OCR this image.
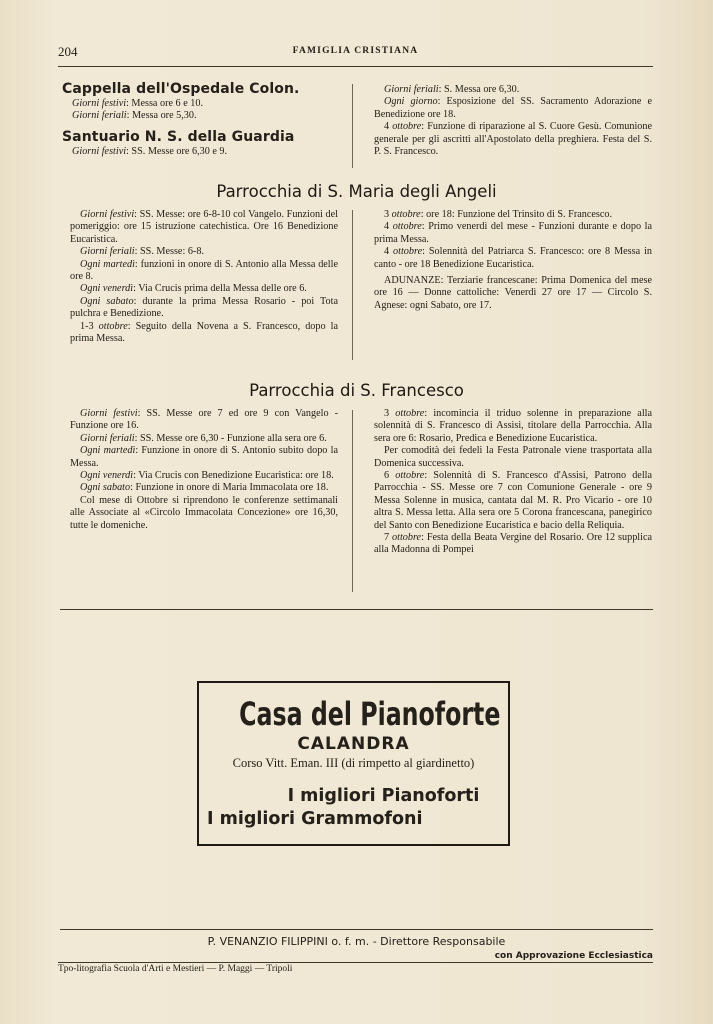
204	FAMIGLIA CRISTIANA

Cappella dell'Ospedale Colon.

Giorni festivi: Messa ore 6 e 10.

Giorni feriali: Messa ore 5,30.

Santuario N. S. della Guardia

Giorni festivi: SS. Messe ore 6,30 e 9.

Giorni feriali: S. Messa ore 6,30.

Ogni giorno: Esposizione del SS. Sacramento Adorazione e Benedizione ore 18.

4 ottobre: Funzione di riparazione al S. Cuore Gesù. Comunione generale per gli ascritti all'Apostolato della preghiera. Festa del S. P. S. Francesco.

Parrocchia di S. Maria degli Angeli

Giorni festivi: SS. Messe: ore 6-8-10 col Vangelo. Funzioni del pomeriggio: ore 15 istruzione catechistica. Ore 16 Benedizione Eucaristica.

Giorni feriali: SS. Messe: 6-8.

Ogni martedì: funzioni in onore di S. Antonio alla Messa delle ore 8.

Ogni venerdì: Via Crucis prima della Messa delle ore 6.

Ogni sabato: durante la prima Messa Rosario - poi Tota pulchra e Benedizione.

1-3 ottobre: Seguito della Novena a S. Francesco, dopo la prima Messa.

3 ottobre: ore 18: Funzione del Trinsito di S. Francesco.

4 ottobre: Primo venerdì del mese - Funzioni durante e dopo la prima Messa.

4 ottobre: Solennità del Patriarca S. Francesco: ore 8 Messa in canto - ore 18 Benedizione Eucaristica.

ADUNANZE: Terziarie francescane: Prima Domenica del mese ore 16 — Donne cattoliche: Venerdì 27 ore 17 — Circolo S. Agnese: ogni Sabato, ore 17.

Parrocchia di S. Francesco

Giorni festivi: SS. Messe ore 7 ed ore 9 con Vangelo - Funzione ore 16.

Giorni feriali: SS. Messe ore 6,30 - Funzione alla sera ore 6.

Ogni martedì: Funzione in onore di S. Antonio subito dopo la Messa.

Ogni venerdì: Via Crucis con Benedizione Eucaristica: ore 18.

Ogni sabato: Funzione in onore di Maria Immacolata ore 18.

Col mese di Ottobre si riprendono le conferenze settimanali alle Associate al «Circolo Immacolata Concezione» ore 16,30, tutte le domeniche.

3 ottobre: incomincia il triduo solenne in preparazione alla solennità di S. Francesco di Assisi, titolare della Parrocchia. Alla sera ore 6: Rosario, Predica e Benedizione Eucaristica.

Per comodità dei fedeli la Festa Patronale viene trasportata alla Domenica successiva.

6 ottobre: Solennità di S. Francesco d'Assisi, Patrono della Parrocchia - SS. Messe ore 7 con Comunione Generale - ore 9 Messa Solenne in musica, cantata dal M. R. Pro Vicario - ore 10 altra S. Messa letta. Alla sera ore 5 Corona francescana, panegirico del Santo con Benedizione Eucaristica e bacio della Reliquia.

7 ottobre: Festa della Beata Vergine del Rosario. Ore 12 supplica alla Madonna di Pompei

Casa del Pianoforte
CALANDRA
Corso Vitt. Eman. III (di rimpetto al giardinetto)
I migliori Pianoforti
I migliori Grammofoni
P. VENANZIO FILIPPINI o. f. m. - Direttore Responsabile
con Approvazione Ecclesiastica
Tpo-litografia Scuola d'Arti e Mestieri — P. Maggi — Tripoli
